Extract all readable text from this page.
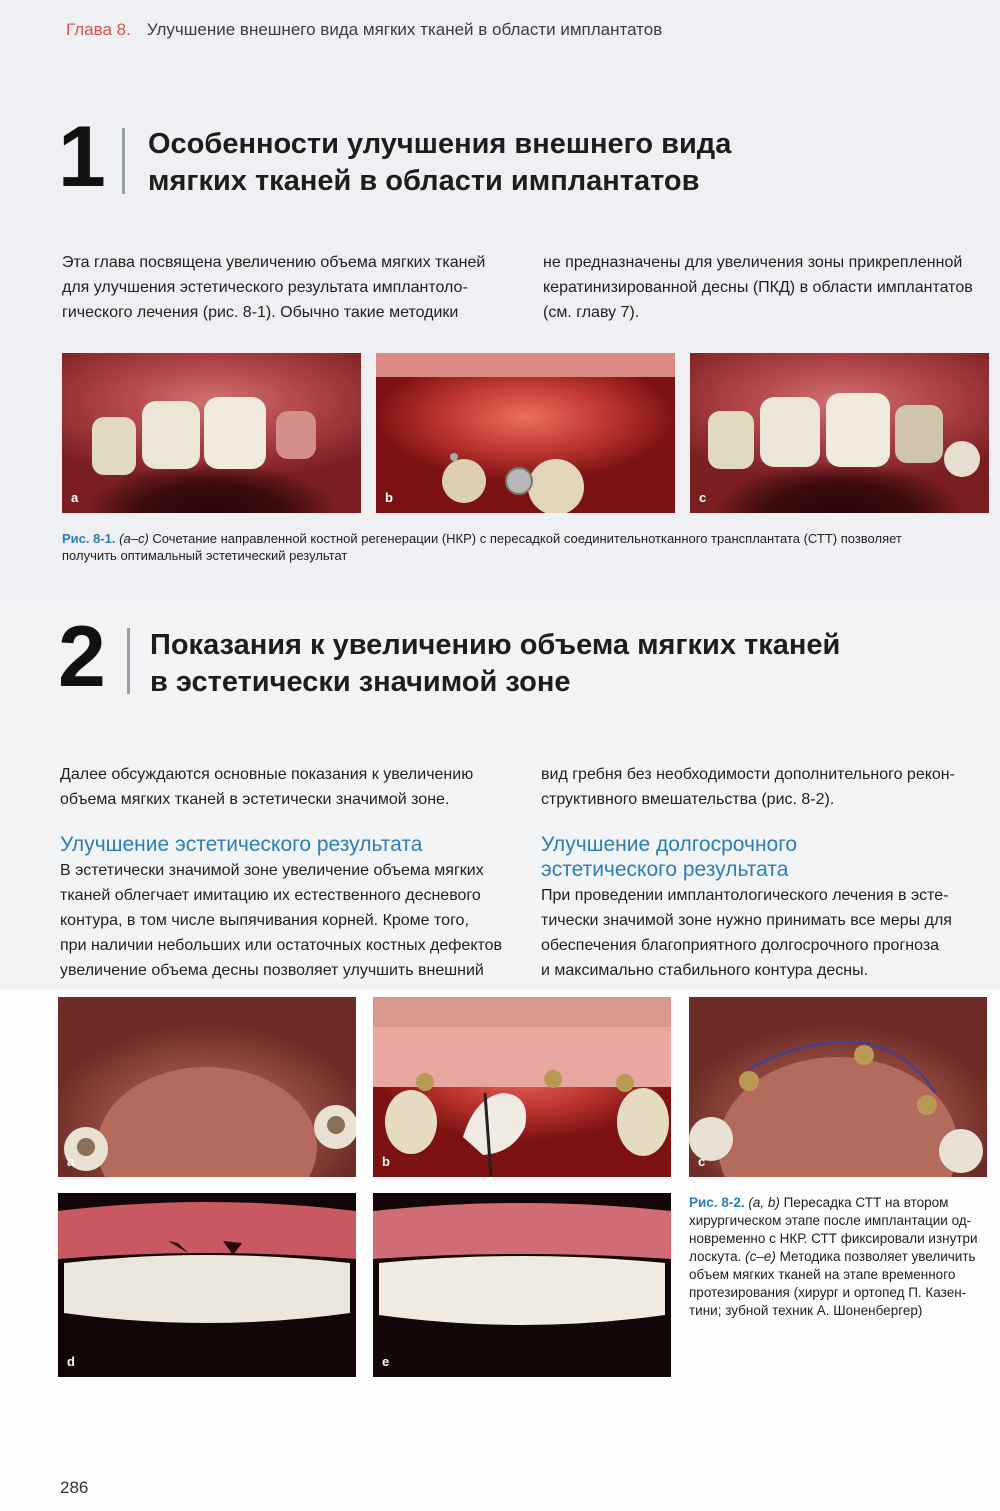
Глава 8. Улучшение внешнего вида мягких тканей в области имплантатов
1 Особенности улучшения внешнего вида
мягких тканей в области имплантатов
Эта глава посвящена увеличению объема мягких тканей
для улучшения эстетического результата имплантоло-
гического лечения (рис. 8-1). Обычно такие методики
не предназначены для увеличения зоны прикрепленной
кератинизированной десны (ПКД) в области имплантатов
(см. главу 7).
a	b	c
Рис. 8-1. (a–c) Сочетание направленной костной регенерации (НКР) с пересадкой соединительнотканного трансплантата (СТТ) позволяет
получить оптимальный эстетический результат
2 Показания к увеличению объема мягких тканей
в эстетически значимой зоне
Далее обсуждаются основные показания к увеличению
объема мягких тканей в эстетически значимой зоне.
вид гребня без необходимости дополнительного рекон-
структивного вмешательства (рис. 8-2).
Улучшение эстетического результата
В эстетически значимой зоне увеличение объема мягких
тканей облегчает имитацию их естественного десневого
контура, в том числе выпячивания корней. Кроме того,
при наличии небольших или остаточных костных дефектов
увеличение объема десны позволяет улучшить внешний
Улучшение долгосрочного
эстетического результата
При проведении имплантологического лечения в эсте-
тически значимой зоне нужно принимать все меры для
обеспечения благоприятного долгосрочного прогноза
и максимально стабильного контура десны.
a	b	c
d	e
Рис. 8-2. (a, b) Пересадка СТТ на втором
хирургическом этапе после имплантации од-
новременно с НКР. СТТ фиксировали изнутри
лоскута. (c–e) Методика позволяет увеличить
объем мягких тканей на этапе временного
протезирования (хирург и ортопед П. Казен-
тини; зубной техник А. Шоненбергер)
286
